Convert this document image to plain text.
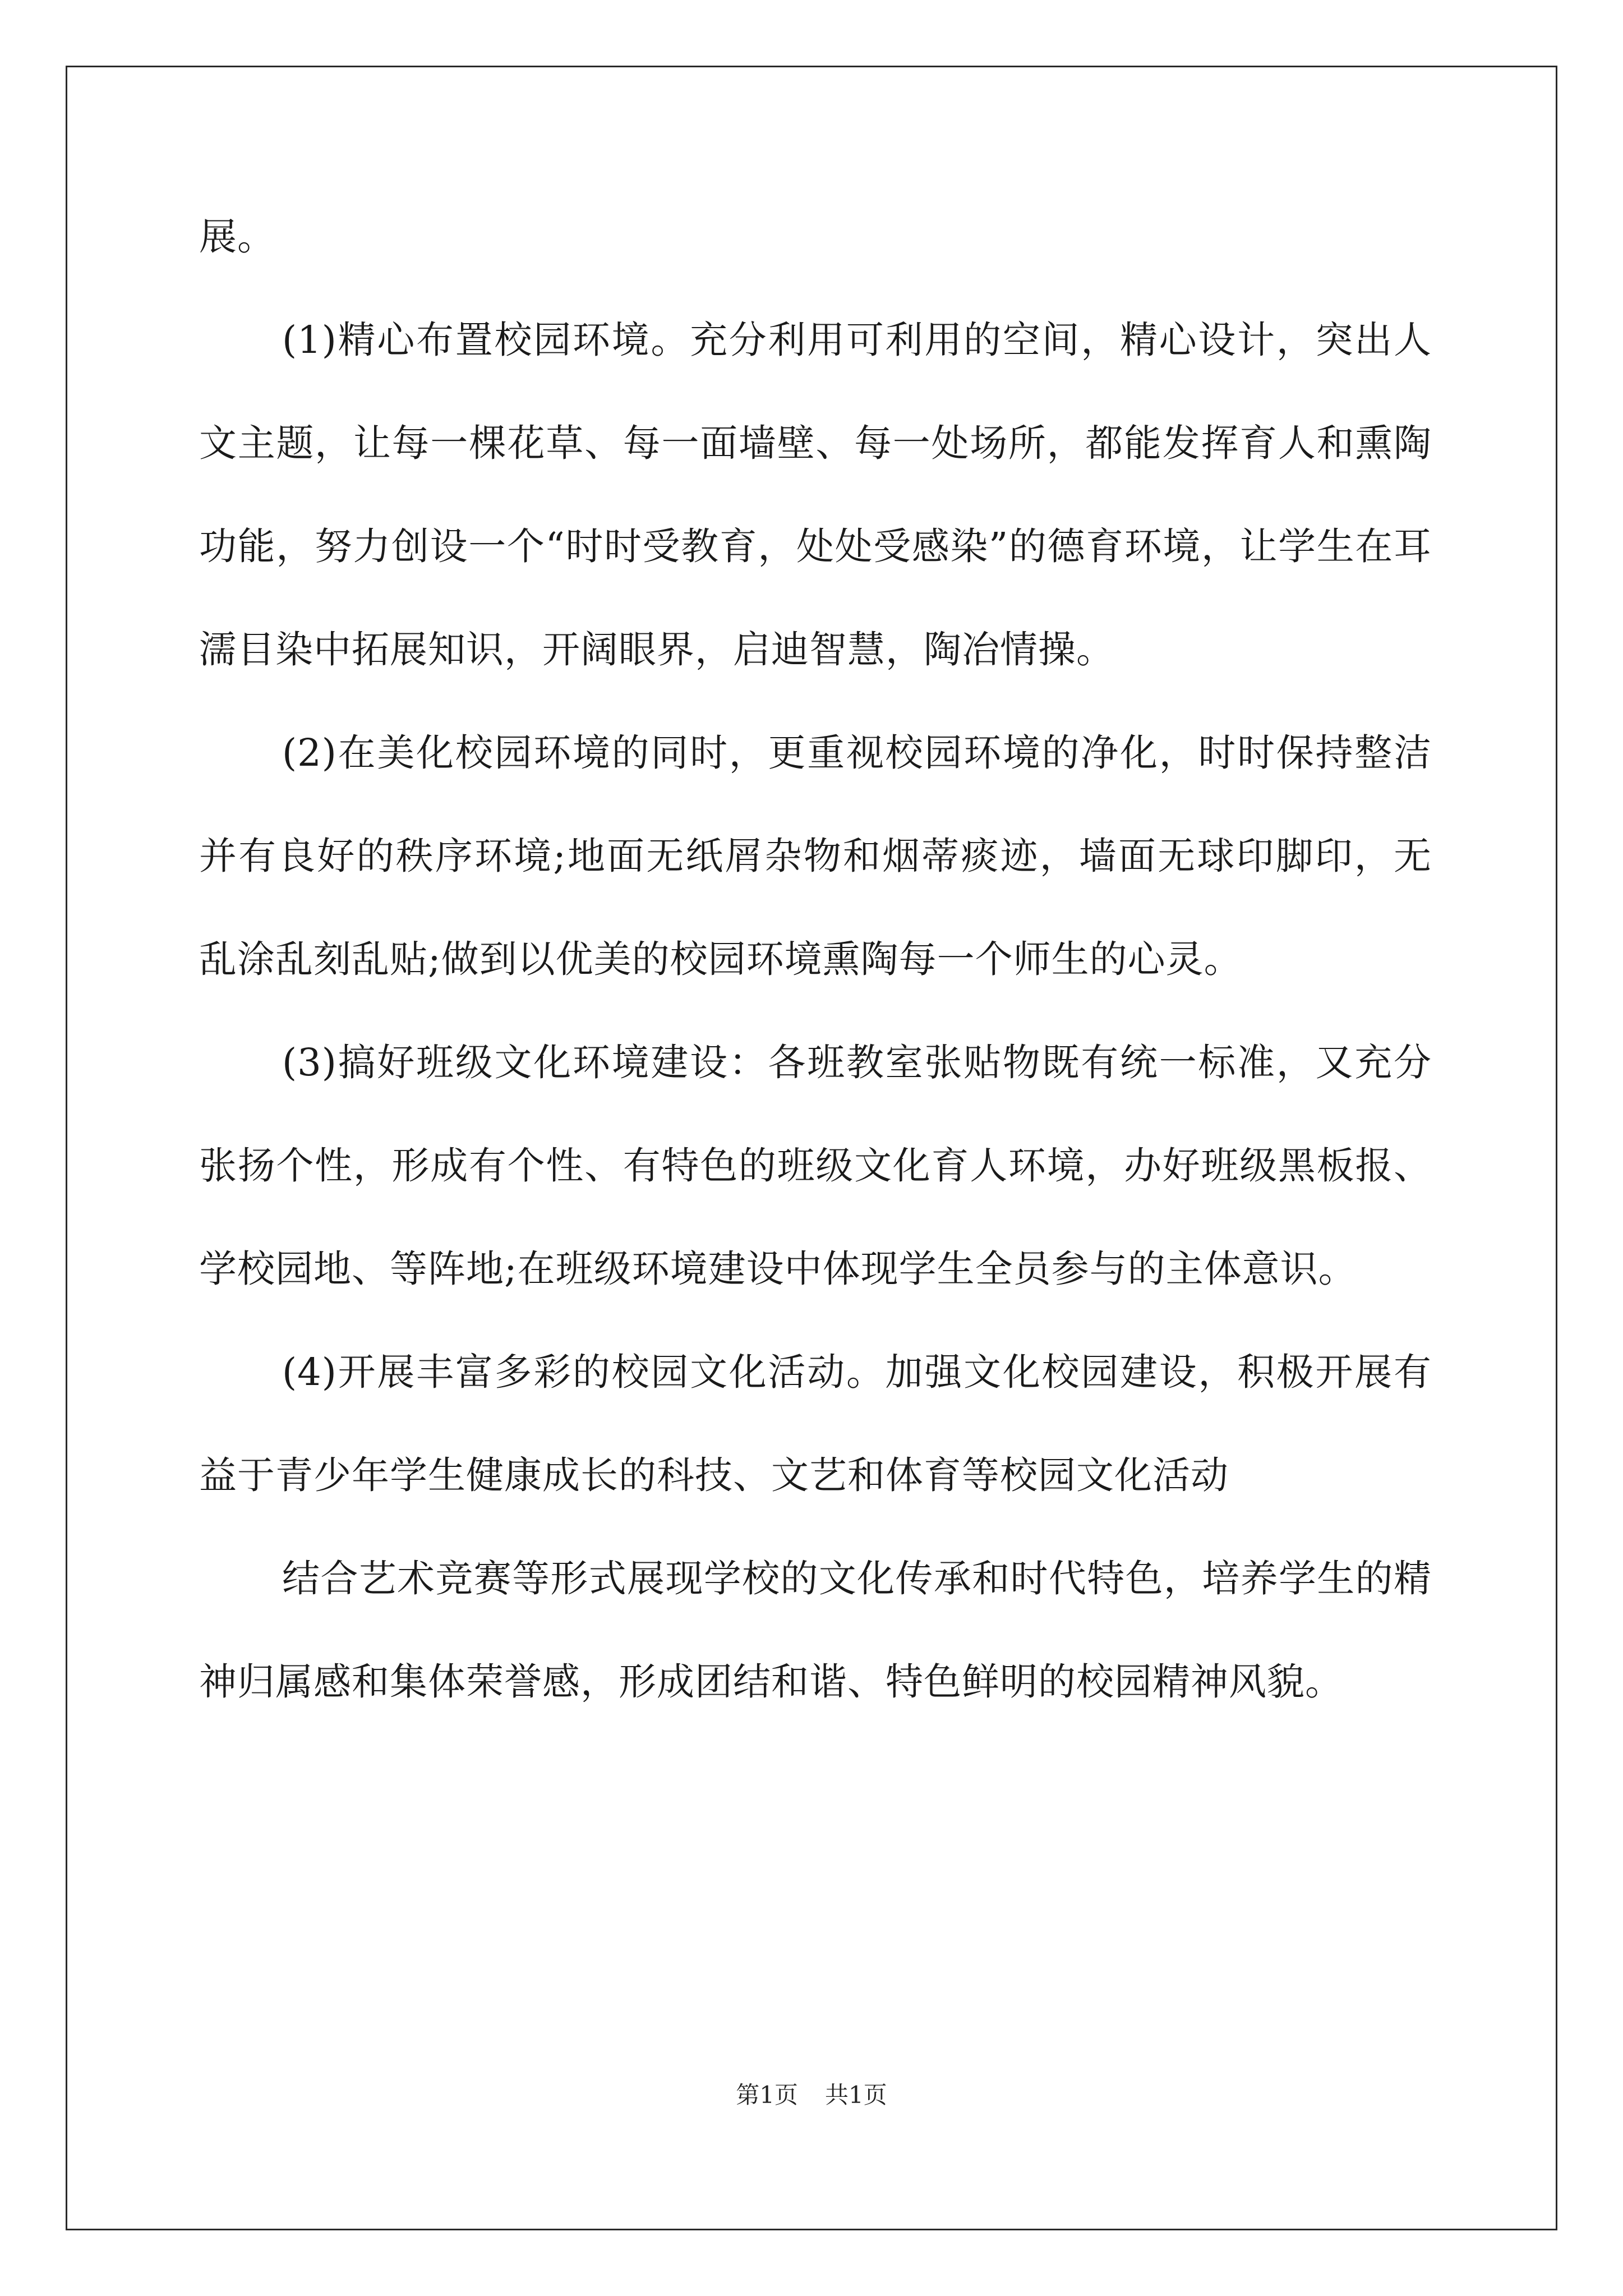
展。

(1)精心布置校园环境。充分利用可利用的空间，精心设计，突出人文主题，让每一棵花草、每一面墙壁、每一处场所，都能发挥育人和熏陶功能，努力创设一个“时时受教育，处处受感染”的德育环境，让学生在耳濡目染中拓展知识，开阔眼界，启迪智慧，陶冶情操。

(2)在美化校园环境的同时，更重视校园环境的净化，时时保持整洁并有良好的秩序环境;地面无纸屑杂物和烟蒂痰迹，墙面无球印脚印，无乱涂乱刻乱贴;做到以优美的校园环境熏陶每一个师生的心灵。

(3)搞好班级文化环境建设：各班教室张贴物既有统一标准，又充分张扬个性，形成有个性、有特色的班级文化育人环境，办好班级黑板报、学校园地、等阵地;在班级环境建设中体现学生全员参与的主体意识。

(4)开展丰富多彩的校园文化活动。加强文化校园建设，积极开展有益于青少年学生健康成长的科技、文艺和体育等校园文化活动

结合艺术竞赛等形式展现学校的文化传承和时代特色，培养学生的精神归属感和集体荣誉感，形成团结和谐、特色鲜明的校园精神风貌。

第1页 共1页
